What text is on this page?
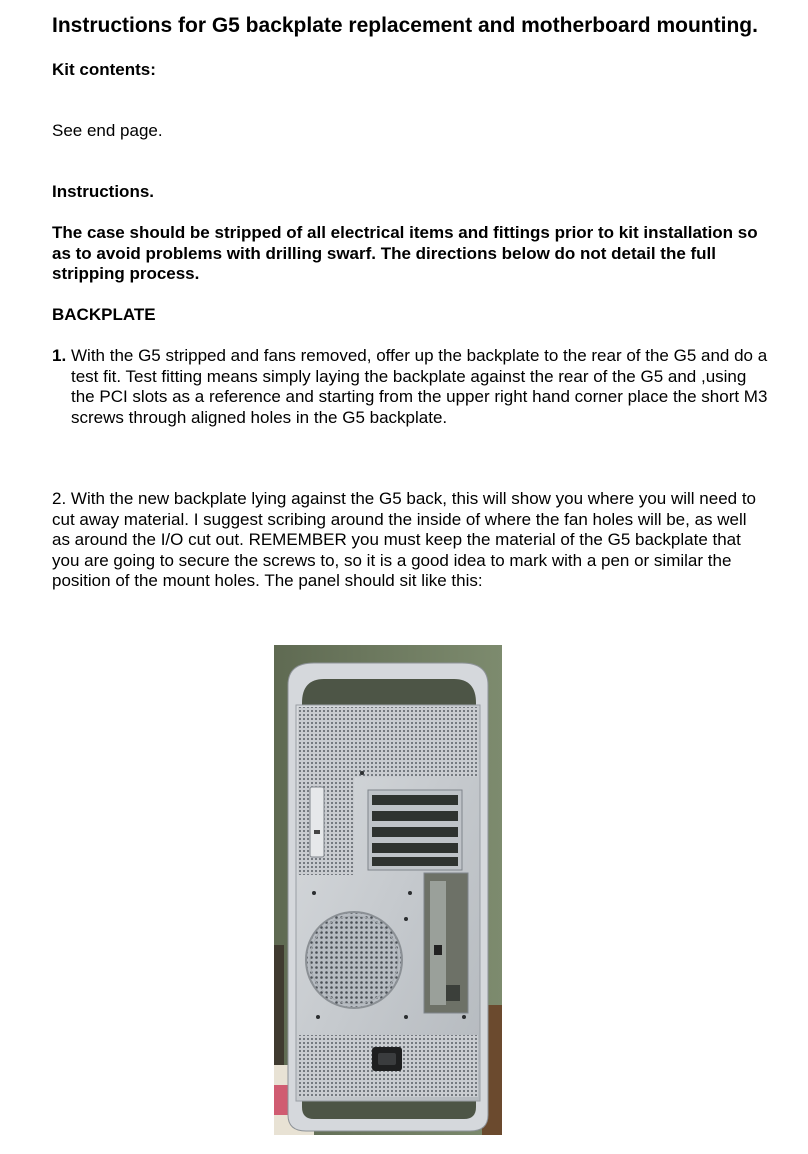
Instructions for G5 backplate replacement and motherboard mounting.

Kit contents:

See end page.

Instructions.

The case should be stripped of all electrical items and fittings prior to kit installation so as to avoid problems with drilling swarf. The directions below do not detail the full stripping process.

BACKPLATE

1. With the G5 stripped and fans removed, offer up the backplate to the rear of the G5 and do a test fit. Test fitting means simply laying the backplate against the rear of the G5 and ,using the PCI slots as a reference and starting from the upper right hand corner place the short M3 screws through aligned holes in the G5 backplate.

2. With the new backplate lying against the G5 back, this will show you where you will need to cut away material. I suggest scribing around the inside of where the fan holes will be, as well as around the I/O cut out. REMEMBER you must keep the material of the G5 backplate that you are going to secure the screws to, so it is a good idea to mark with a pen or similar the position of the mount holes. The panel should sit like this:
